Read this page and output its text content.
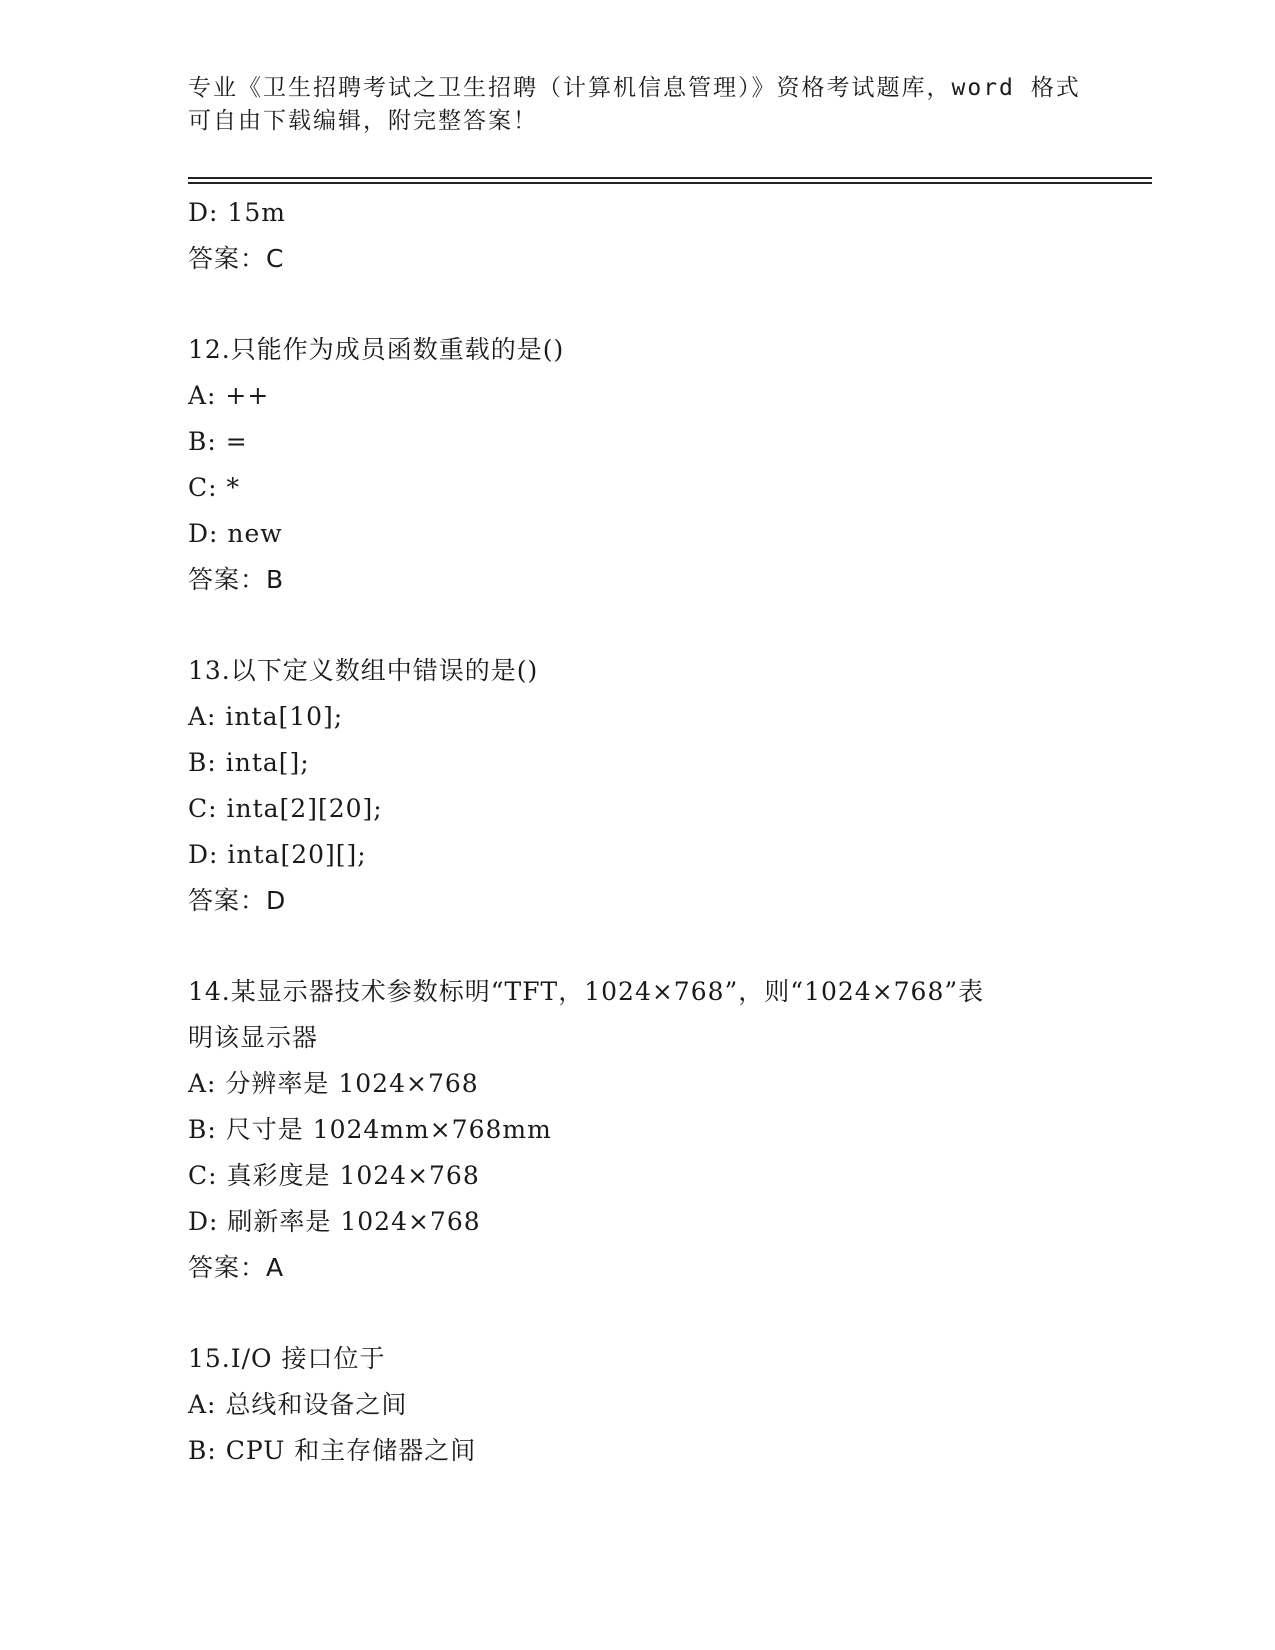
专业《卫生招聘考试之卫生招聘（计算机信息管理）》资格考试题库，word 格式
可自由下载编辑，附完整答案！
D: 15m
答案：C
12.只能作为成员函数重载的是()
A: ++
B: =
C: *
D: new
答案：B
13.以下定义数组中错误的是()
A: inta[10];
B: inta[];
C: inta[2][20];
D: inta[20][];
答案：D
14.某显示器技术参数标明“TFT，1024×768”，则“1024×768”表
明该显示器
A: 分辨率是 1024×768
B: 尺寸是 1024mm×768mm
C: 真彩度是 1024×768
D: 刷新率是 1024×768
答案：A
15.I/O 接口位于
A: 总线和设备之间
B: CPU 和主存储器之间
